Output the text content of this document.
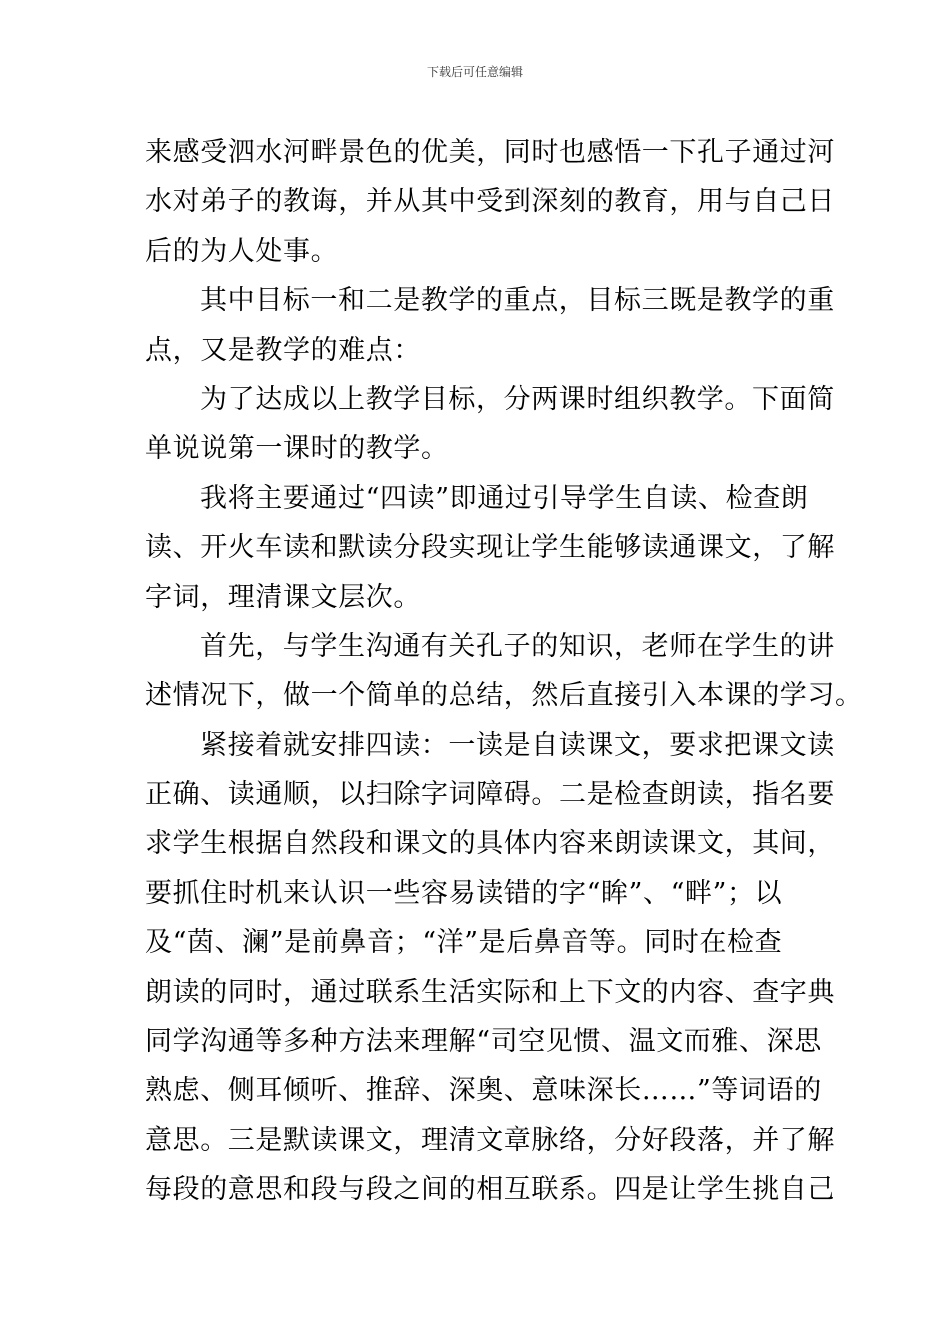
下载后可任意编辑
来感受泗水河畔景色的优美，同时也感悟一下孔子通过河
水对弟子的教诲，并从其中受到深刻的教育，用与自己日
后的为人处事。
其中目标一和二是教学的重点，目标三既是教学的重
点，又是教学的难点：
为了达成以上教学目标，分两课时组织教学。下面简
单说说第一课时的教学。
我将主要通过“四读”即通过引导学生自读、检查朗
读、开火车读和默读分段实现让学生能够读通课文，了解
字词，理清课文层次。
首先，与学生沟通有关孔子的知识，老师在学生的讲
述情况下，做一个简单的总结，然后直接引入本课的学习。
紧接着就安排四读：一读是自读课文，要求把课文读
正确、读通顺，以扫除字词障碍。二是检查朗读，指名要
求学生根据自然段和课文的具体内容来朗读课文，其间，
要抓住时机来认识一些容易读错的字“眸”、“畔”；以
及“茵、澜”是前鼻音；“洋”是后鼻音等。同时在检查
朗读的同时，通过联系生活实际和上下文的内容、查字典
同学沟通等多种方法来理解“司空见惯、温文而雅、深思
熟虑、侧耳倾听、推辞、深奥、意味深长……”等词语的
意思。三是默读课文，理清文章脉络，分好段落，并了解
每段的意思和段与段之间的相互联系。四是让学生挑自己
